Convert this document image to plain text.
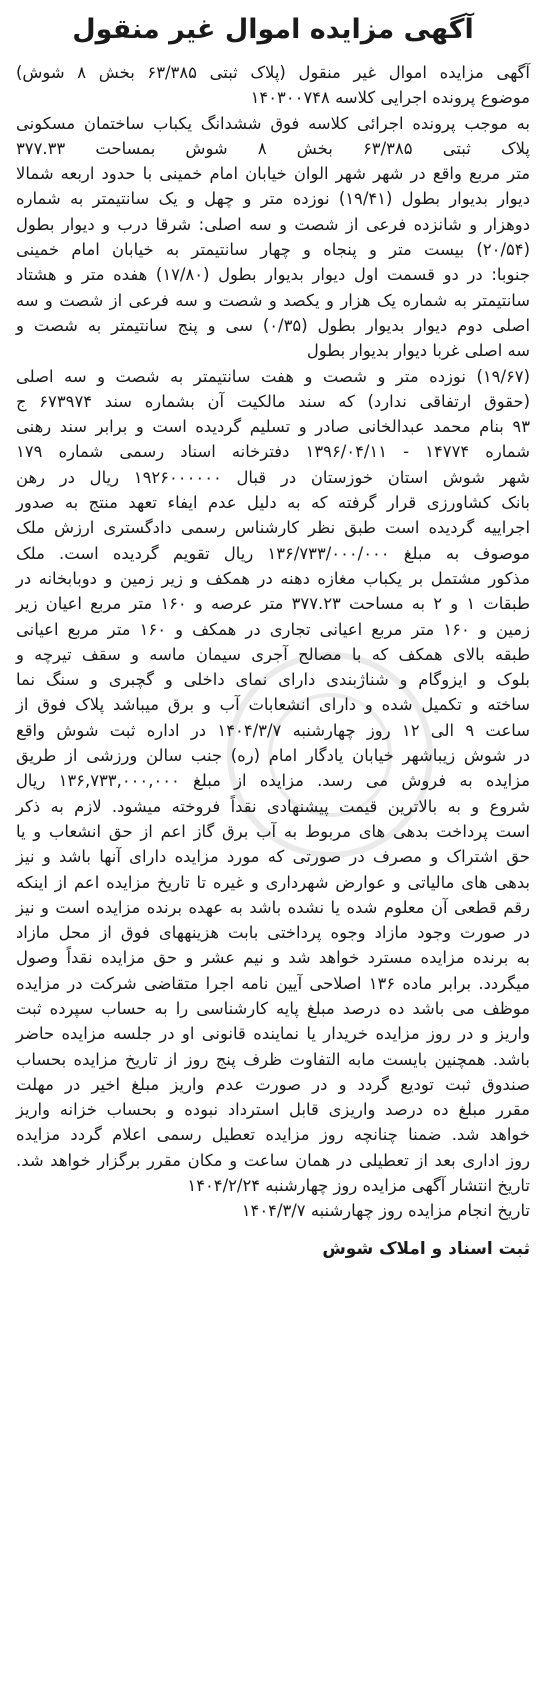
آگهی مزایده اموال غیر منقول
آگهی مزایده اموال غیر منقول (پلاک ثبتی ۶۳/۳۸۵ بخش ۸ شوش)
موضوع پرونده اجرایی کلاسه ۱۴۰۳۰۰۷۴۸
به موجب پرونده اجرائی کلاسه فوق ششدانگ یکباب ساختمان مسکونی
پلاک ثبتی ۶۳/۳۸۵ بخش ۸ شوش بمساحت ۳۷۷.۳۳
متر مربع واقع در شهر شهر الوان خیابان امام خمینی با حدود اربعه شمالا
دیوار بدیوار بطول (۱۹/۴۱) نوزده متر و چهل و یک سانتیمتر به شماره
دوهزار و شانزده فرعی از شصت و سه اصلی: شرقا درب و دیوار بطول
(۲۰/۵۴) بیست متر و پنجاه و چهار سانتیمتر به خیابان امام خمینی
جنوبا: در دو قسمت اول دیوار بدیوار بطول (۱۷/۸۰) هفده متر و هشتاد
سانتیمتر به شماره یک هزار و یکصد و شصت و سه فرعی از شصت و سه
اصلی دوم دیوار بدیوار بطول (۰/۳۵) سی و پنج سانتیمتر به شصت و
سه اصلی غربا دیوار بدیوار بطول
(۱۹/۶۷) نوزده متر و شصت و هفت سانتیمتر به شصت و سه اصلی
(حقوق ارتفاقی ندارد) که سند مالکیت آن بشماره سند ۶۷۳۹۷۴ ج
۹۳ بنام محمد عبدالخانی صادر و تسلیم گردیده است و برابر سند رهنی
شماره ۱۴۷۷۴ - ۱۳۹۶/۰۴/۱۱ دفترخانه اسناد رسمی شماره ۱۷۹
شهر شوش استان خوزستان در قبال ۱۹۲۶۰۰۰۰۰۰ ریال در رهن
بانک کشاورزی قرار گرفته که به دلیل عدم ایفاء تعهد منتج به صدور
اجراییه گردیده است طبق نظر کارشناس رسمی دادگستری ارزش ملک
موصوف به مبلغ ۱۳۶/۷۳۳/۰۰۰/۰۰۰ ریال تقویم گردیده است. ملک
مذکور مشتمل بر یکباب مغازه دهنه در همکف و زیر زمین و دوبابخانه در
طبقات ۱ و ۲ به مساحت ۳۷۷.۲۳ متر عرصه و ۱۶۰ متر مربع اعیان زیر
زمین و ۱۶۰ متر مربع اعیانی تجاری در همکف و ۱۶۰ متر مربع اعیانی
طبقه بالای همکف که با مصالح آجری سیمان ماسه و سقف تیرچه و
بلوک و ایزوگام و شناژبندی دارای نمای داخلی و گچبری و سنگ نما
ساخته و تکمیل شده و دارای انشعابات آب و برق میباشد پلاک فوق از
ساعت ۹ الی ۱۲ روز چهارشنبه ۱۴۰۴/۳/۷ در اداره ثبت شوش واقع
در شوش زیباشهر خیابان یادگار امام (ره) جنب سالن ورزشی از طریق
مزایده به فروش می رسد. مزایده از مبلغ ۱۳۶,۷۳۳,۰۰۰,۰۰۰ ریال
شروع و به بالاترین قیمت پیشنهادی نقداً فروخته میشود. لازم به ذکر
است پرداخت بدهی های مربوط به آب برق گاز اعم از حق انشعاب و یا
حق اشتراک و مصرف در صورتی که مورد مزایده دارای آنها باشد و نیز
بدهی های مالیاتی و عوارض شهرداری و غیره تا تاریخ مزایده اعم از اینکه
رقم قطعی آن معلوم شده یا نشده باشد به عهده برنده مزایده است و نیز
در صورت وجود مازاد وجوه پرداختی بابت هزینههای فوق از محل مازاد
به برنده مزایده مسترد خواهد شد و نیم عشر و حق مزایده نقداً وصول
میگردد. برابر ماده ۱۳۶ اصلاحی آیین نامه اجرا متقاضی شرکت در مزایده
موظف می باشد ده درصد مبلغ پایه کارشناسی را به حساب سپرده ثبت
واریز و در روز مزایده خریدار یا نماینده قانونی او در جلسه مزایده حاضر
باشد. همچنین بایست مابه التفاوت ظرف پنج روز از تاریخ مزایده بحساب
صندوق ثبت تودیع گردد و در صورت عدم واریز مبلغ اخیر در مهلت
مقرر مبلغ ده درصد واریزی قابل استرداد نبوده و بحساب خزانه واریز
خواهد شد. ضمنا چنانچه روز مزایده تعطیل رسمی اعلام گردد مزایده
روز اداری بعد از تعطیلی در همان ساعت و مکان مقرر برگزار خواهد شد.
تاریخ انتشار آگهی مزایده روز چهارشنبه ۱۴۰۴/۲/۲۴
تاریخ انجام مزایده روز چهارشنبه ۱۴۰۴/۳/۷
ثبت اسناد و املاک شوش
